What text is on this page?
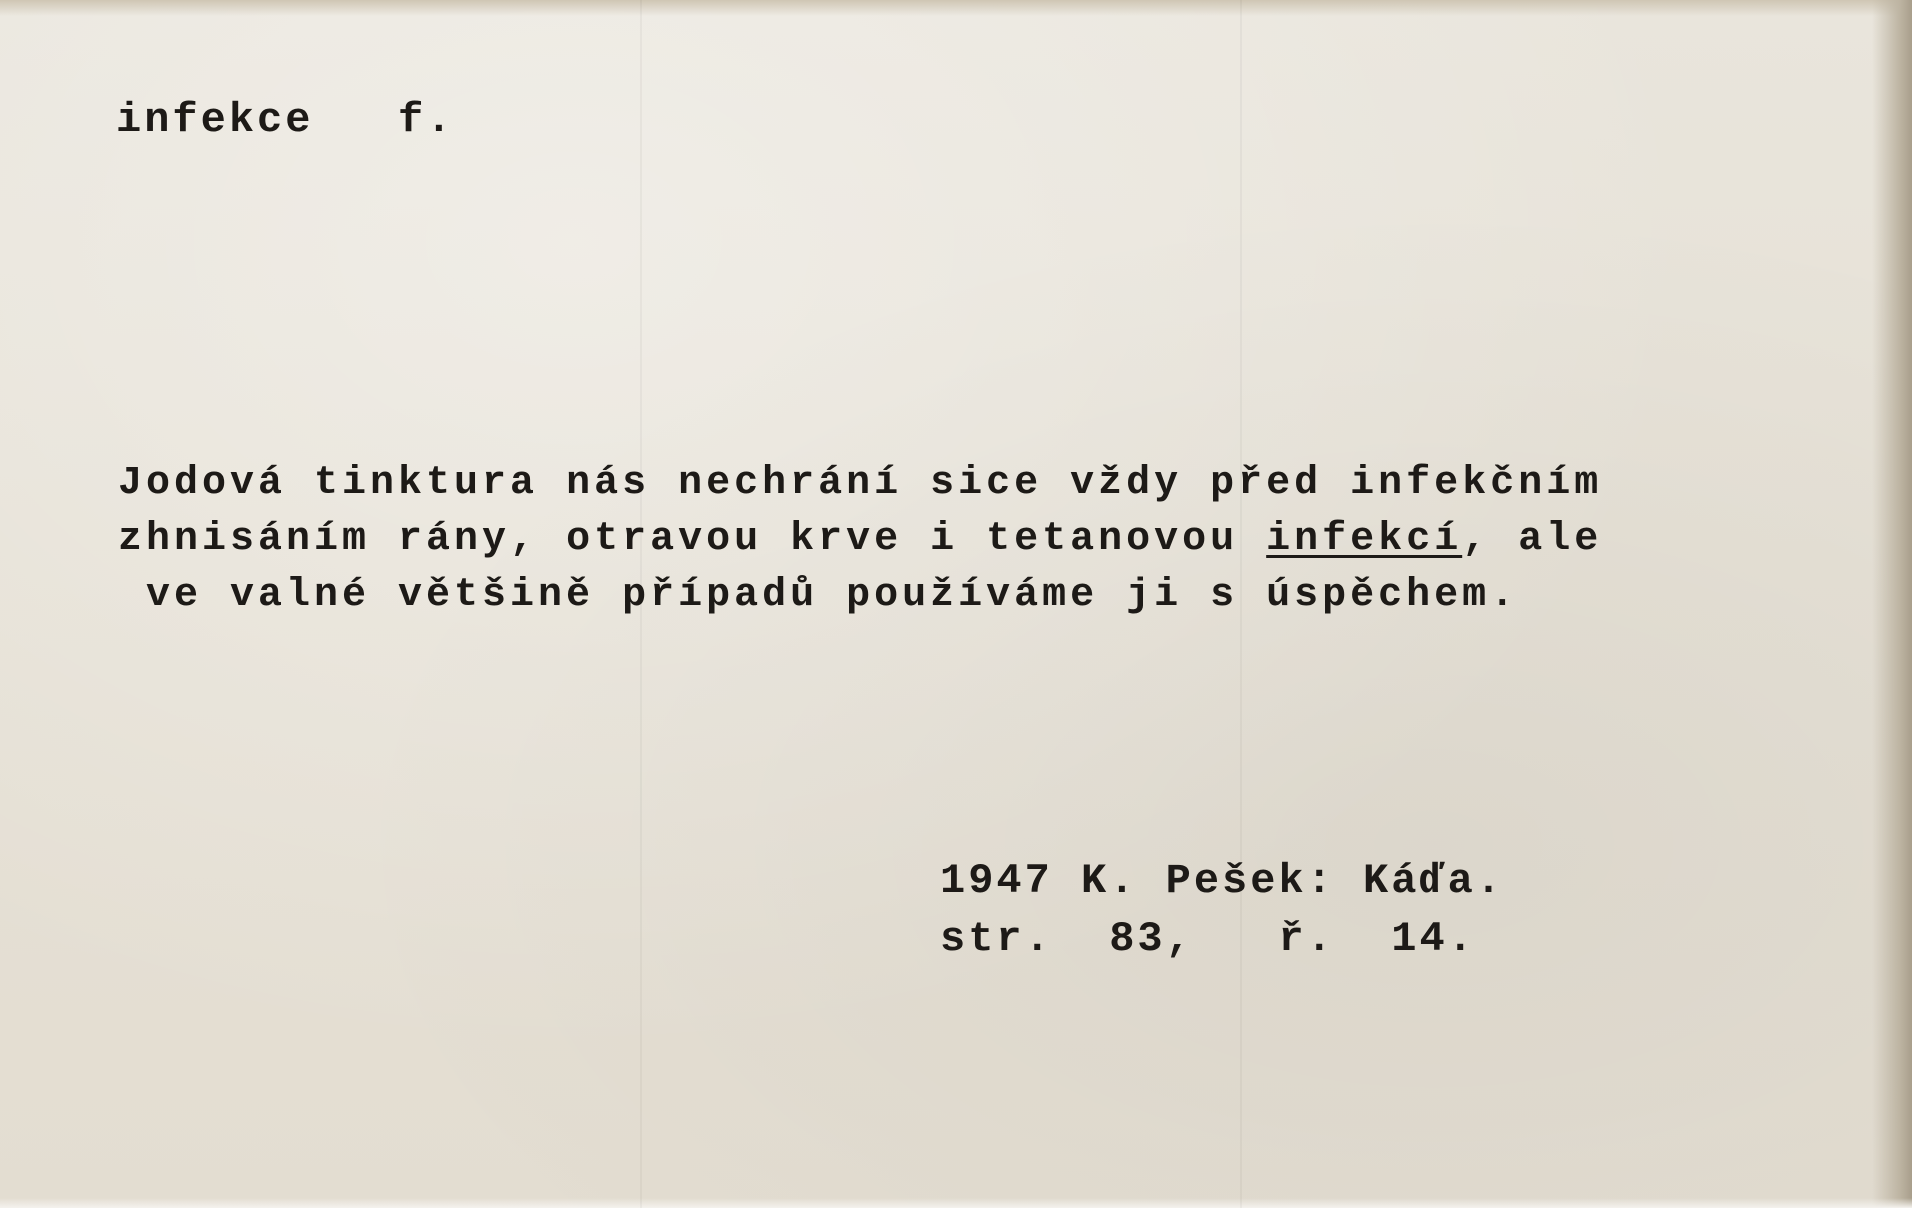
infekce   f.
Jodová tinktura nás nechrání sice vždy před infekčním
zhnisáním rány, otravou krve i tetanovou infekcí, ale
ve valné většině případů používáme ji s úspěchem.
1947 K. Pešek: Káďa.
str.  83,   ř.  14.
